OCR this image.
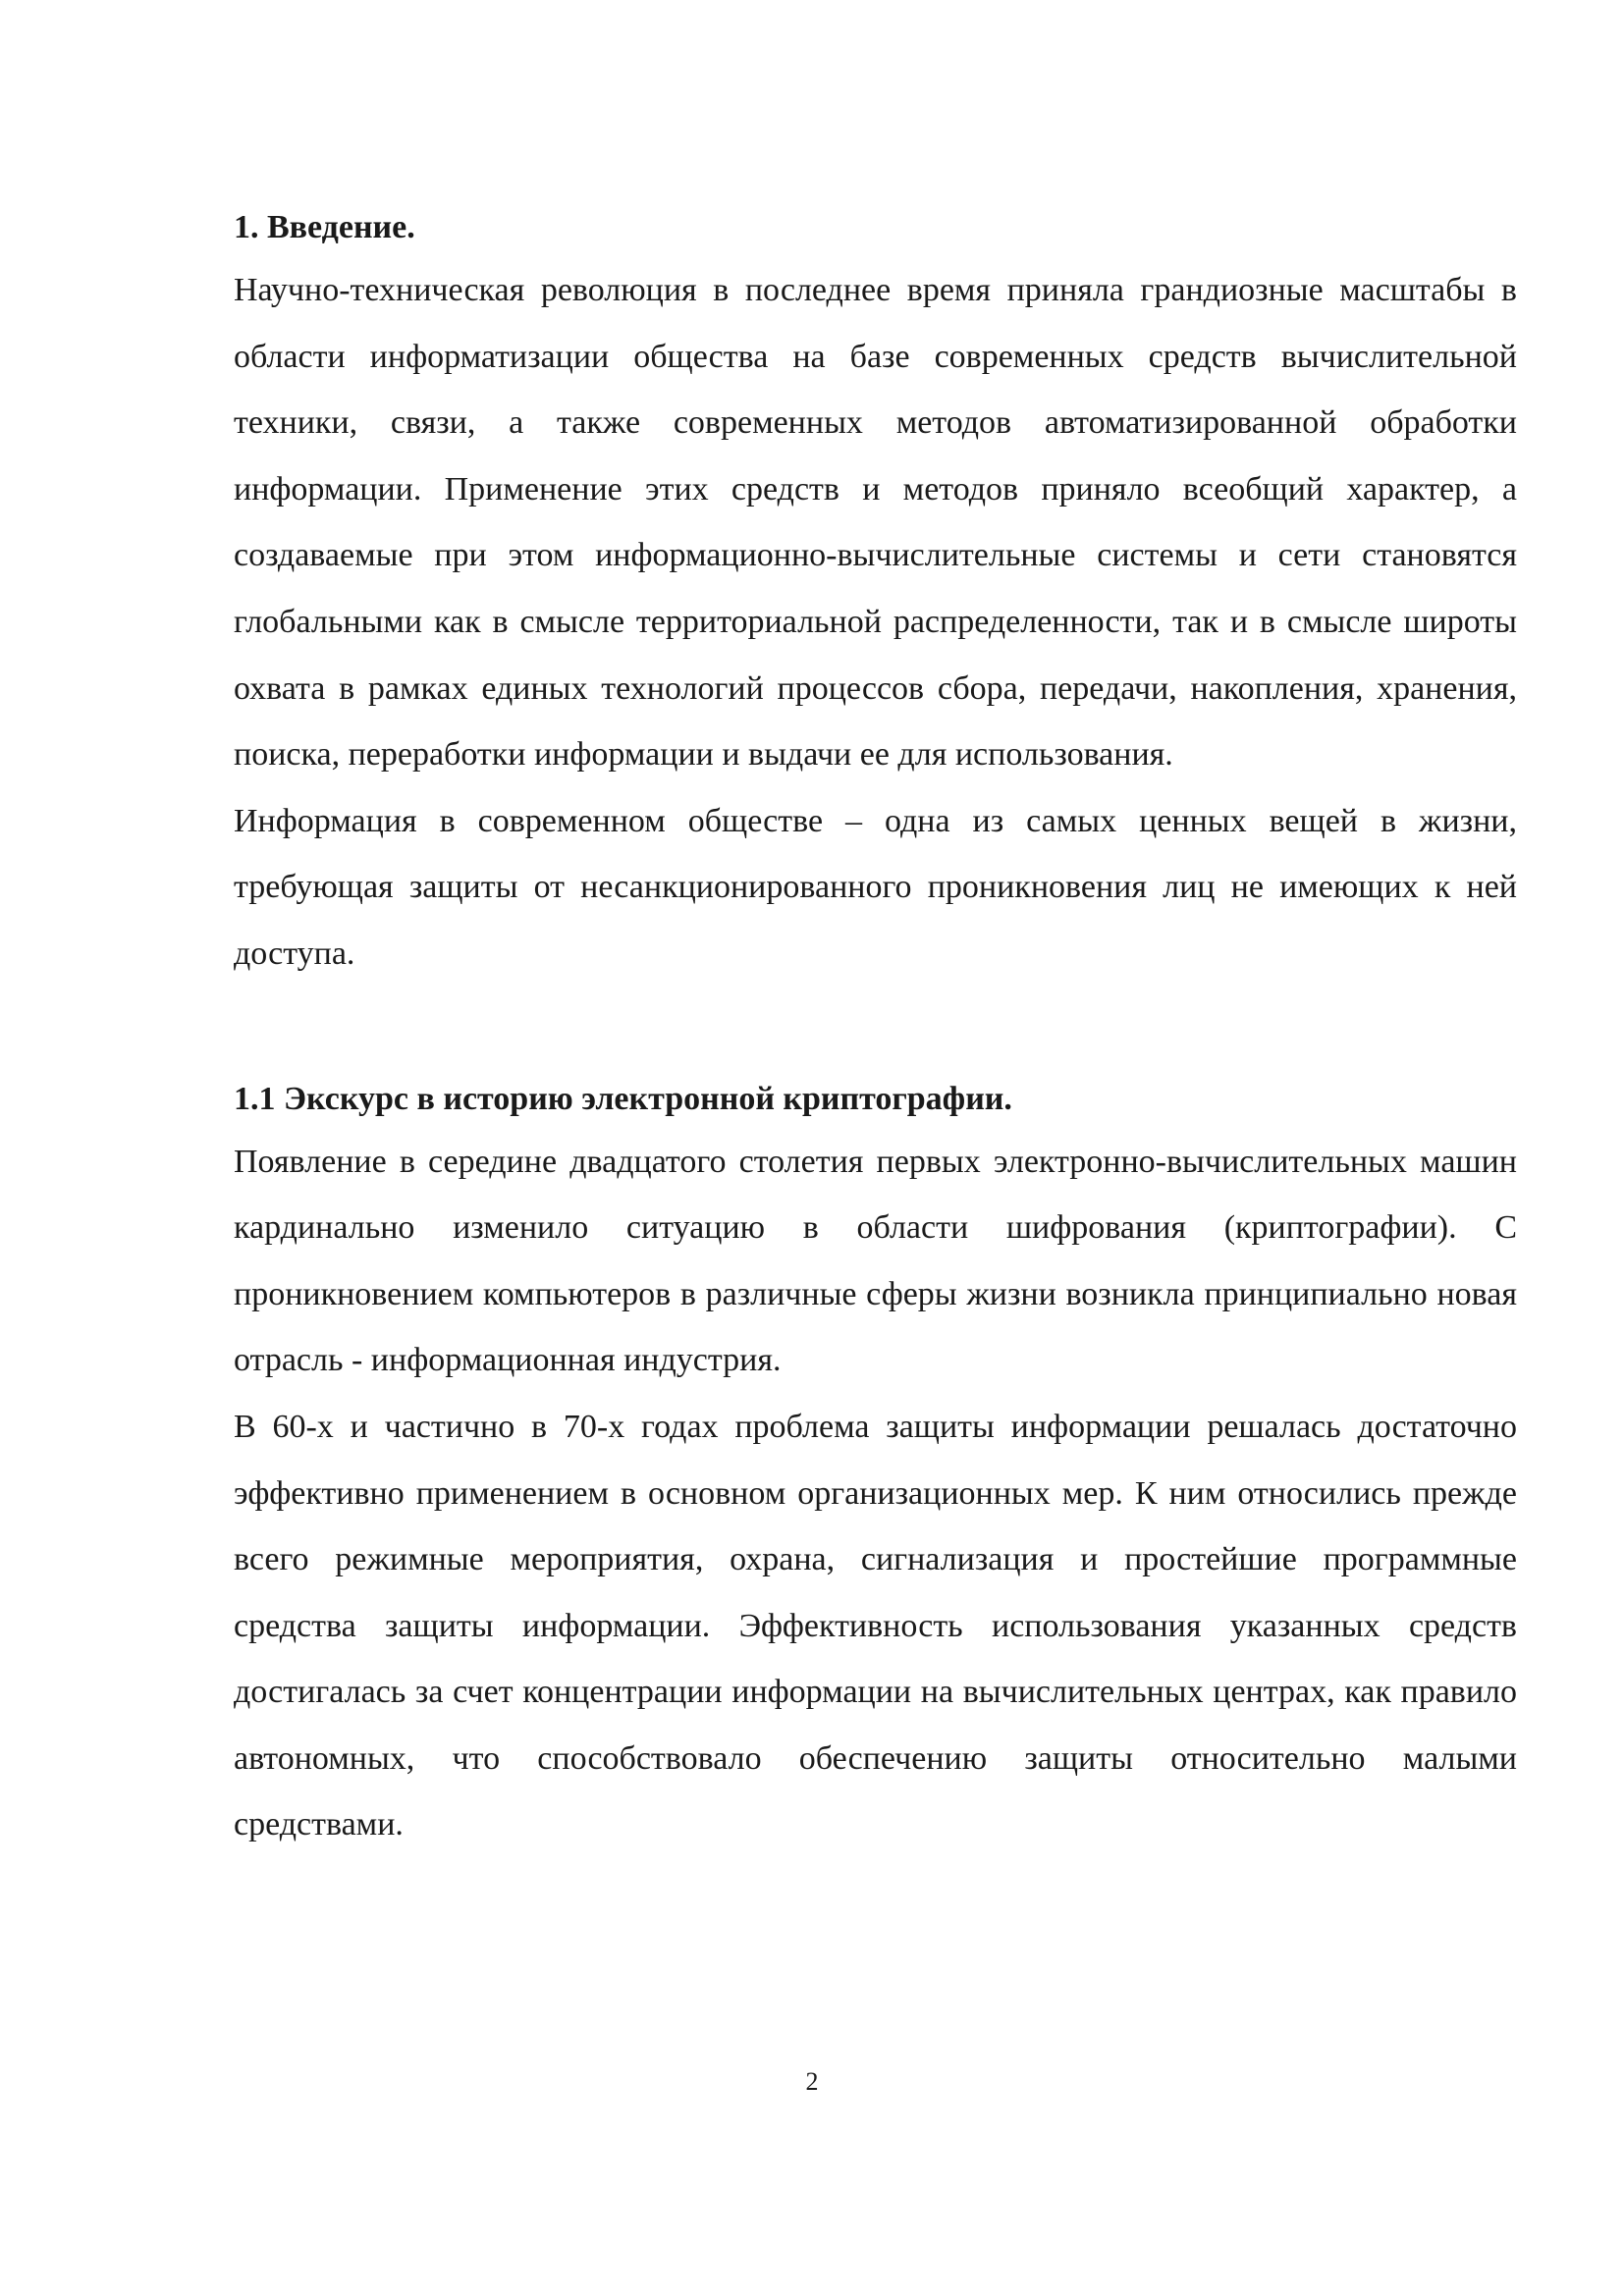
1. Введение.

Научно-техническая революция в последнее время приняла грандиозные масштабы в области информатизации общества на базе современных средств вычислительной техники, связи, а также современных методов автоматизированной обработки информации. Применение этих средств и методов приняло всеобщий характер, а создаваемые при этом информационно-вычислительные системы и сети становятся глобальными как в смысле территориальной распределенности, так и в смысле широты охвата в рамках единых технологий процессов сбора, передачи, накопления, хранения, поиска, переработки информации и выдачи ее для использования.

Информация в современном обществе – одна из самых ценных вещей в жизни, требующая защиты от несанкционированного проникновения лиц не имеющих к ней доступа.

1.1 Экскурс в историю электронной криптографии.

Появление в середине двадцатого столетия первых электронно-вычислительных машин кардинально изменило ситуацию в области шифрования (криптографии). С проникновением компьютеров в различные сферы жизни возникла принципиально новая отрасль - информационная индустрия.

В 60-х и частично в 70-х годах проблема защиты информации решалась достаточно эффективно применением в основном организационных мер. К ним относились прежде всего режимные мероприятия, охрана, сигнализация и простейшие программные средства защиты информации. Эффективность использования указанных средств достигалась за счет концентрации информации на вычислительных центрах, как правило автономных, что способствовало обеспечению защиты относительно малыми средствами.

2
